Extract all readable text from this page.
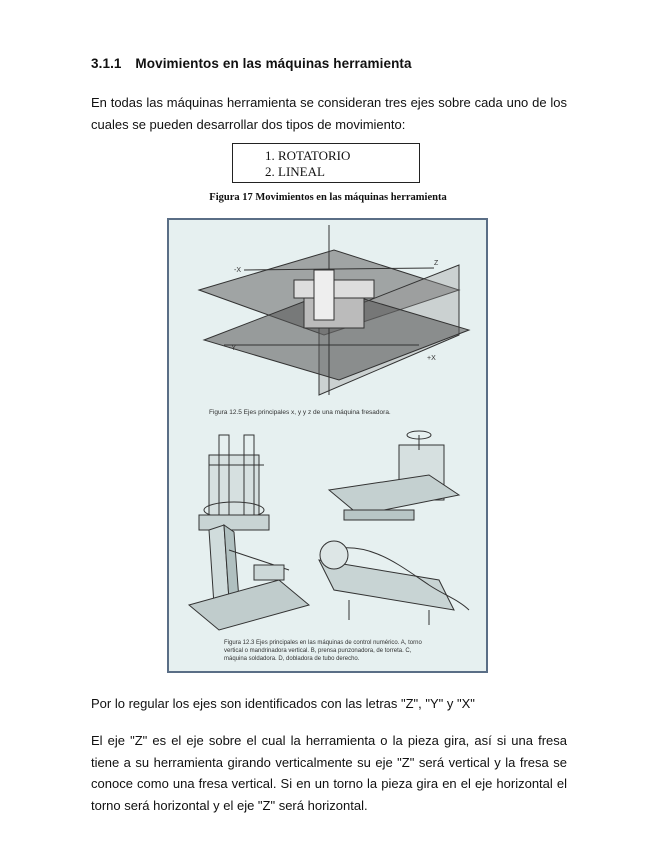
3.1.1 Movimientos en las máquinas herramienta

En todas las máquinas herramienta se consideran tres ejes sobre cada uno de los cuales se pueden desarrollar dos tipos de movimiento:

1. ROTATORIO
2. LINEAL
Figura 17 Movimientos en las máquinas herramienta
-X
Z
+X
-Y
Figura 12.5 Ejes principales x, y y z de una máquina fresadora.
Figura 12.3 Ejes principales en las máquinas de control numérico. A, torno
vertical o mandrinadora vertical. B, prensa punzonadora, de torreta. C,
máquina soldadora. D, dobladora de tubo derecho.

Por lo regular los ejes son identificados con las letras "Z", "Y" y "X"

El eje "Z" es el eje sobre el cual la herramienta o la pieza gira, así si una fresa tiene a su herramienta girando verticalmente su eje "Z" será vertical y la fresa se conoce como una fresa vertical. Si en un torno la pieza gira en el eje horizontal el torno será horizontal y el eje "Z" será horizontal.
